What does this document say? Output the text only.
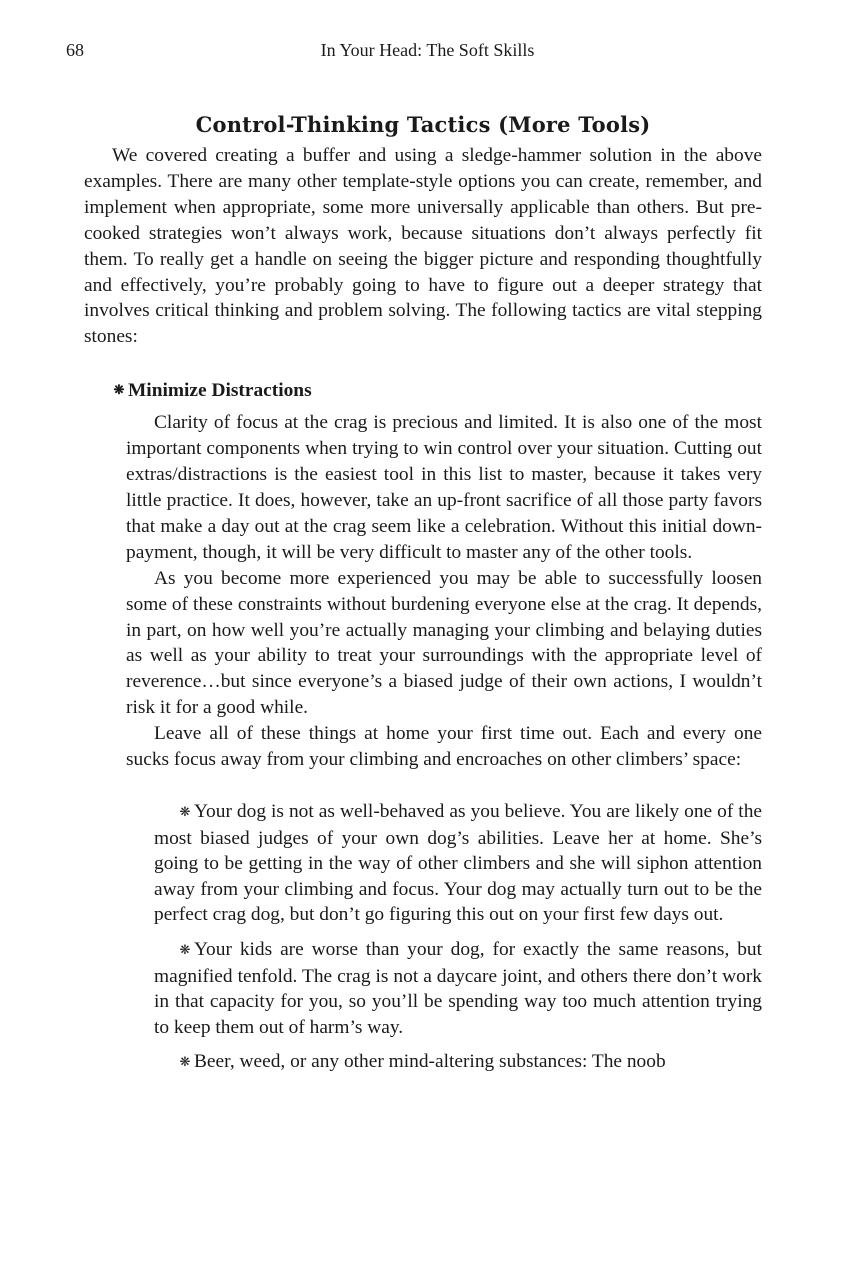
68	In Your Head: The Soft Skills
Control-Thinking Tactics (More Tools)

We covered creating a buffer and using a sledge-hammer solution in the above examples. There are many other template-style options you can create, remember, and implement when appropriate, some more universally applicable than others. But pre-cooked strategies won’t always work, because situations don’t always perfectly fit them. To really get a handle on seeing the bigger picture and responding thoughtfully and effectively, you’re probably going to have to figure out a deeper strategy that involves critical thinking and problem solving. The following tactics are vital stepping stones:

❋ Minimize Distractions

Clarity of focus at the crag is precious and limited. It is also one of the most important components when trying to win control over your situation. Cutting out extras/distractions is the easiest tool in this list to master, because it takes very little practice. It does, however, take an up-front sacrifice of all those party favors that make a day out at the crag seem like a celebration. Without this initial down-payment, though, it will be very difficult to master any of the other tools.

As you become more experienced you may be able to successfully loosen some of these constraints without burdening everyone else at the crag. It depends, in part, on how well you’re actually managing your climbing and belaying duties as well as your ability to treat your surroundings with the appropriate level of reverence…but since everyone’s a biased judge of their own actions, I wouldn’t risk it for a good while.

Leave all of these things at home your first time out. Each and every one sucks focus away from your climbing and encroaches on other climbers’ space:

❋ Your dog is not as well-behaved as you believe. You are likely one of the most biased judges of your own dog’s abilities. Leave her at home. She’s going to be getting in the way of other climbers and she will siphon attention away from your climbing and focus. Your dog may actually turn out to be the perfect crag dog, but don’t go figuring this out on your first few days out.
❋ Your kids are worse than your dog, for exactly the same reasons, but magnified tenfold. The crag is not a daycare joint, and others there don’t work in that capacity for you, so you’ll be spending way too much attention trying to keep them out of harm’s way.
❋ Beer, weed, or any other mind-altering substances: The noob
